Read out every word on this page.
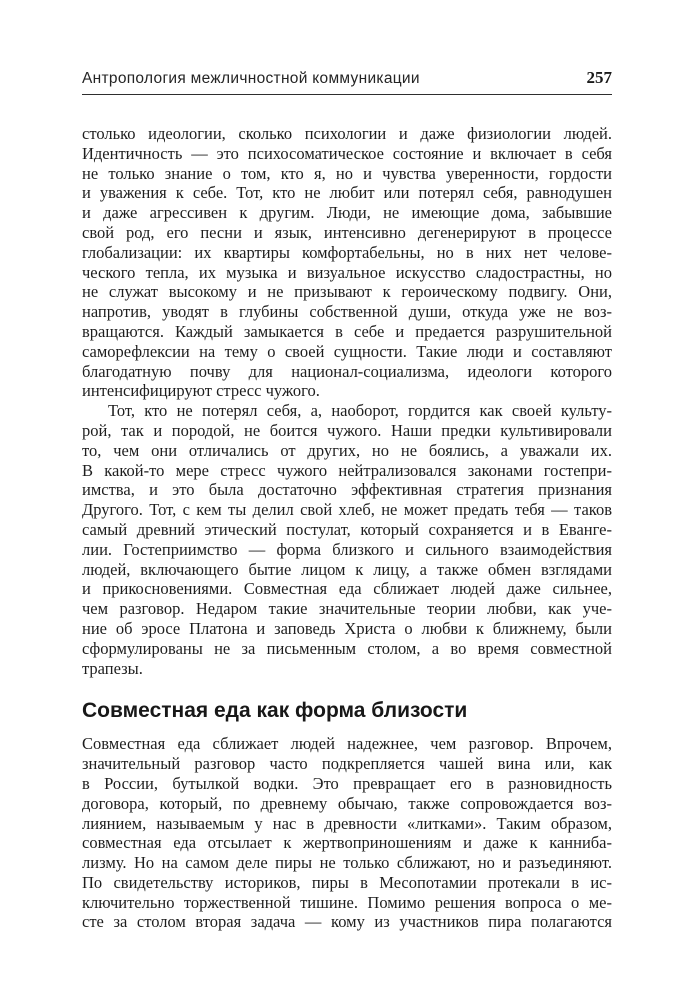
Антропология межличностной коммуникации	257
столько идеологии, сколько психологии и даже физиологии людей.
Идентичность — это психосоматическое состояние и включает в себя
не только знание о том, кто я, но и чувства уверенности, гордости
и уважения к себе. Тот, кто не любит или потерял себя, равнодушен
и даже агрессивен к другим. Люди, не имеющие дома, забывшие
свой род, его песни и язык, интенсивно дегенерируют в процессе
глобализации: их квартиры комфортабельны, но в них нет челове-
ческого тепла, их музыка и визуальное искусство сладострастны, но
не служат высокому и не призывают к героическому подвигу. Они,
напротив, уводят в глубины собственной души, откуда уже не воз-
вращаются. Каждый замыкается в себе и предается разрушительной
саморефлексии на тему о своей сущности. Такие люди и составляют
благодатную почву для национал-социализма, идеологи которого
интенсифицируют стресс чужого.
Тот, кто не потерял себя, а, наоборот, гордится как своей культу-
рой, так и породой, не боится чужого. Наши предки культивировали
то, чем они отличались от других, но не боялись, а уважали их.
В какой-то мере стресс чужого нейтрализовался законами гостепри-
имства, и это была достаточно эффективная стратегия признания
Другого. Тот, с кем ты делил свой хлеб, не может предать тебя — таков
самый древний этический постулат, который сохраняется и в Еванге-
лии. Гостеприимство — форма близкого и сильного взаимодействия
людей, включающего бытие лицом к лицу, а также обмен взглядами
и прикосновениями. Совместная еда сближает людей даже сильнее,
чем разговор. Недаром такие значительные теории любви, как уче-
ние об эросе Платона и заповедь Христа о любви к ближнему, были
сформулированы не за письменным столом, а во время совместной
трапезы.
Совместная еда как форма близости
Совместная еда сближает людей надежнее, чем разговор. Впрочем,
значительный разговор часто подкрепляется чашей вина или, как
в России, бутылкой водки. Это превращает его в разновидность
договора, который, по древнему обычаю, также сопровождается воз-
лиянием, называемым у нас в древности «литками». Таким образом,
совместная еда отсылает к жертвоприношениям и даже к канниба-
лизму. Но на самом деле пиры не только сближают, но и разъединяют.
По свидетельству историков, пиры в Месопотамии протекали в ис-
ключительно торжественной тишине. Помимо решения вопроса о ме-
сте за столом вторая задача — кому из участников пира полагаются
